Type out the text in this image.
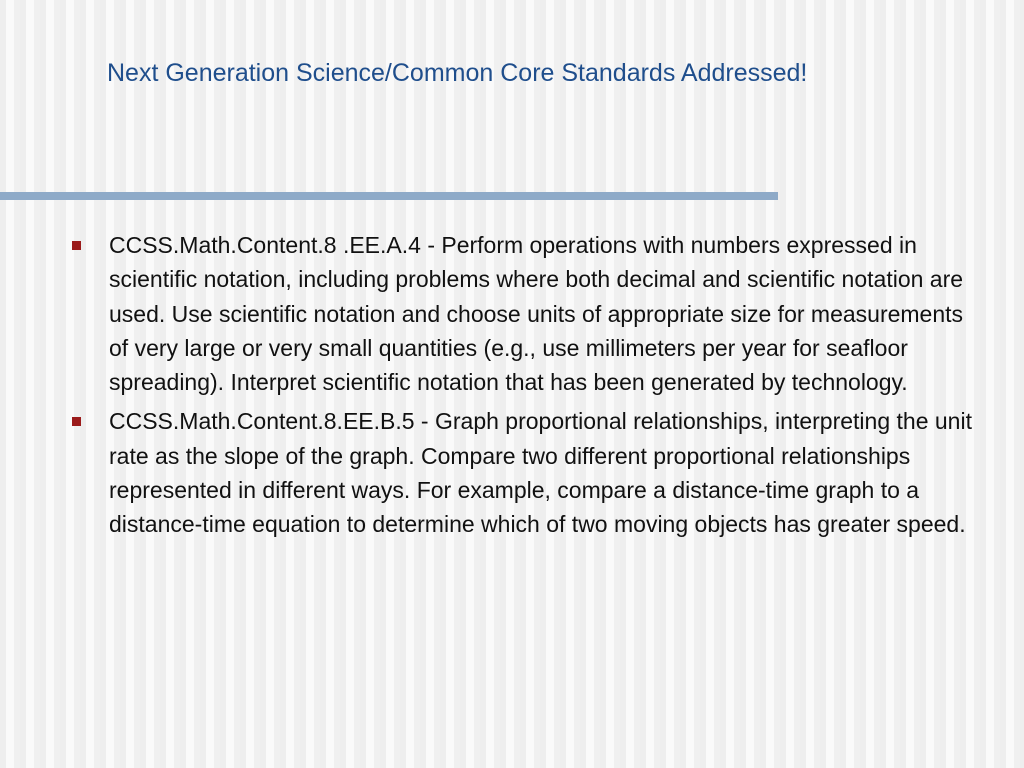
Next Generation Science/Common Core Standards Addressed!
CCSS.Math.Content.8 .EE.A.4 - Perform operations with numbers expressed in scientific notation, including problems where both decimal and scientific notation are used. Use scientific notation and choose units of appropriate size for measurements of very large or very small quantities (e.g., use millimeters per year for seafloor spreading). Interpret scientific notation that has been generated by technology.
CCSS.Math.Content.8.EE.B.5 - Graph proportional relationships, interpreting the unit rate as the slope of the graph. Compare two different proportional relationships represented in different ways. For example, compare a distance-time graph to a distance-time equation to determine which of two moving objects has greater speed.
